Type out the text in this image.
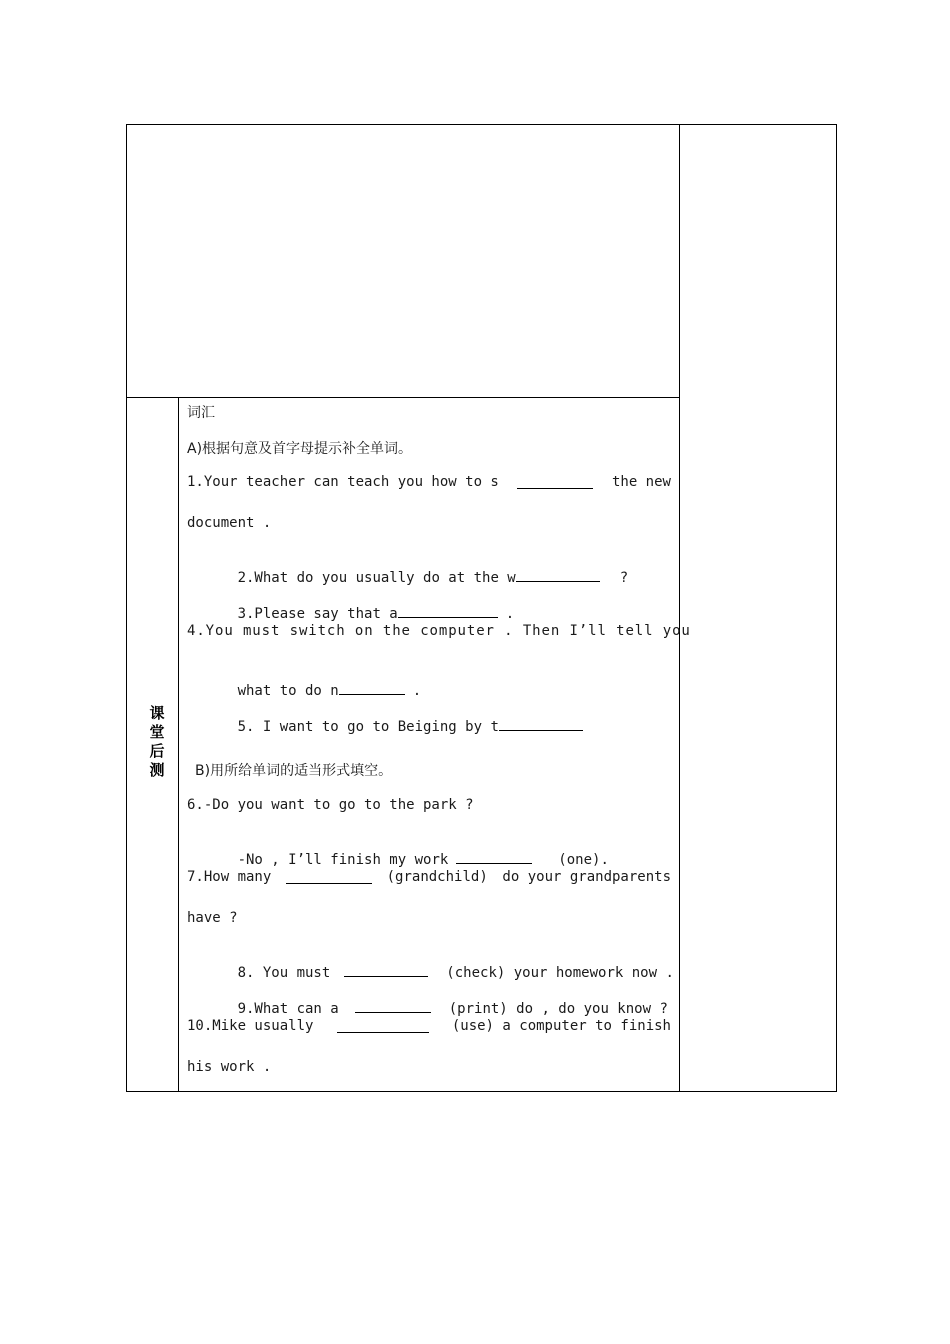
课
堂
后
测
词汇
A)根据句意及首字母提示补全单词。
1.Your teacher can teach you how to s	the new
document .

2.What do you usually do at the w	?

3.Please say that a	.

4.You must switch on the computer . Then I’ll tell you

what to do n	.

5. I want to go to Beiging by t

B)用所给单词的适当形式填空。
6.-Do you want to go to the park ?

-No , I’ll finish my work	(one).

7.How many	(grandchild) do your grandparents
have ?

8. You must	(check) your homework now .

9.What can a	(print) do , do you know ?

10.Mike usually	(use) a computer to finish
his work .
